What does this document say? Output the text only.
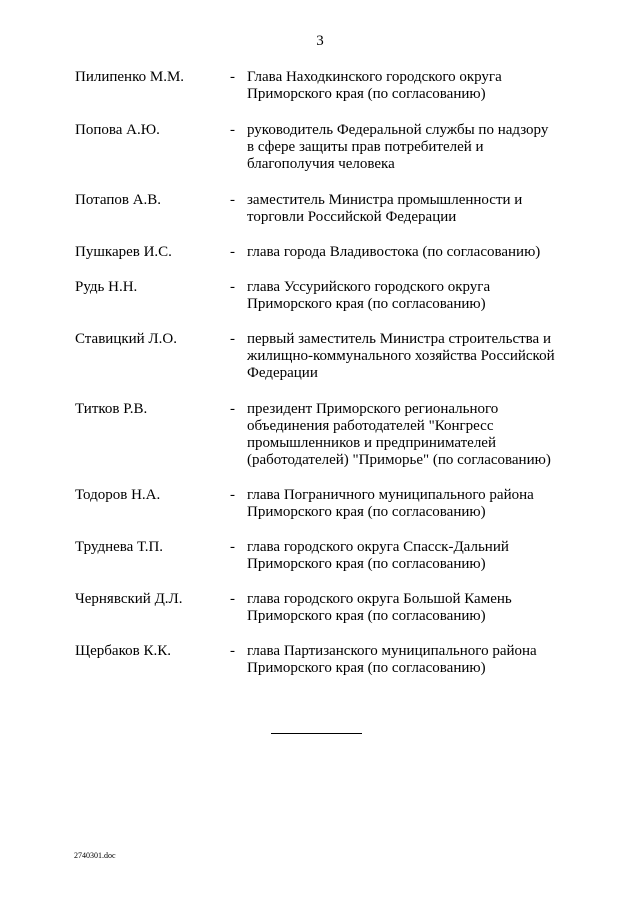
3
Пилипенко М.М.	- Глава Находкинского городского округа
Приморского края (по согласованию)
Попова А.Ю.	- руководитель Федеральной службы по надзору
в сфере защиты прав потребителей и
благополучия человека
Потапов А.В.	- заместитель Министра промышленности и
торговли Российской Федерации
Пушкарев И.С.	- глава города Владивостока (по согласованию)
Рудь Н.Н.	- глава Уссурийского городского округа
Приморского края (по согласованию)
Ставицкий Л.О.	- первый заместитель Министра строительства и
жилищно-коммунального хозяйства Российской
Федерации
Титков Р.В.	- президент Приморского регионального
объединения работодателей "Конгресс
промышленников и предпринимателей
(работодателей) "Приморье" (по согласованию)
Тодоров Н.А.	- глава Пограничного муниципального района
Приморского края (по согласованию)
Труднева Т.П.	- глава городского округа Спасск-Дальний
Приморского края (по согласованию)
Чернявский Д.Л.	- глава городского округа Большой Камень
Приморского края (по согласованию)
Щербаков К.К.	- глава Партизанского муниципального района
Приморского края (по согласованию)
2740301.doc
